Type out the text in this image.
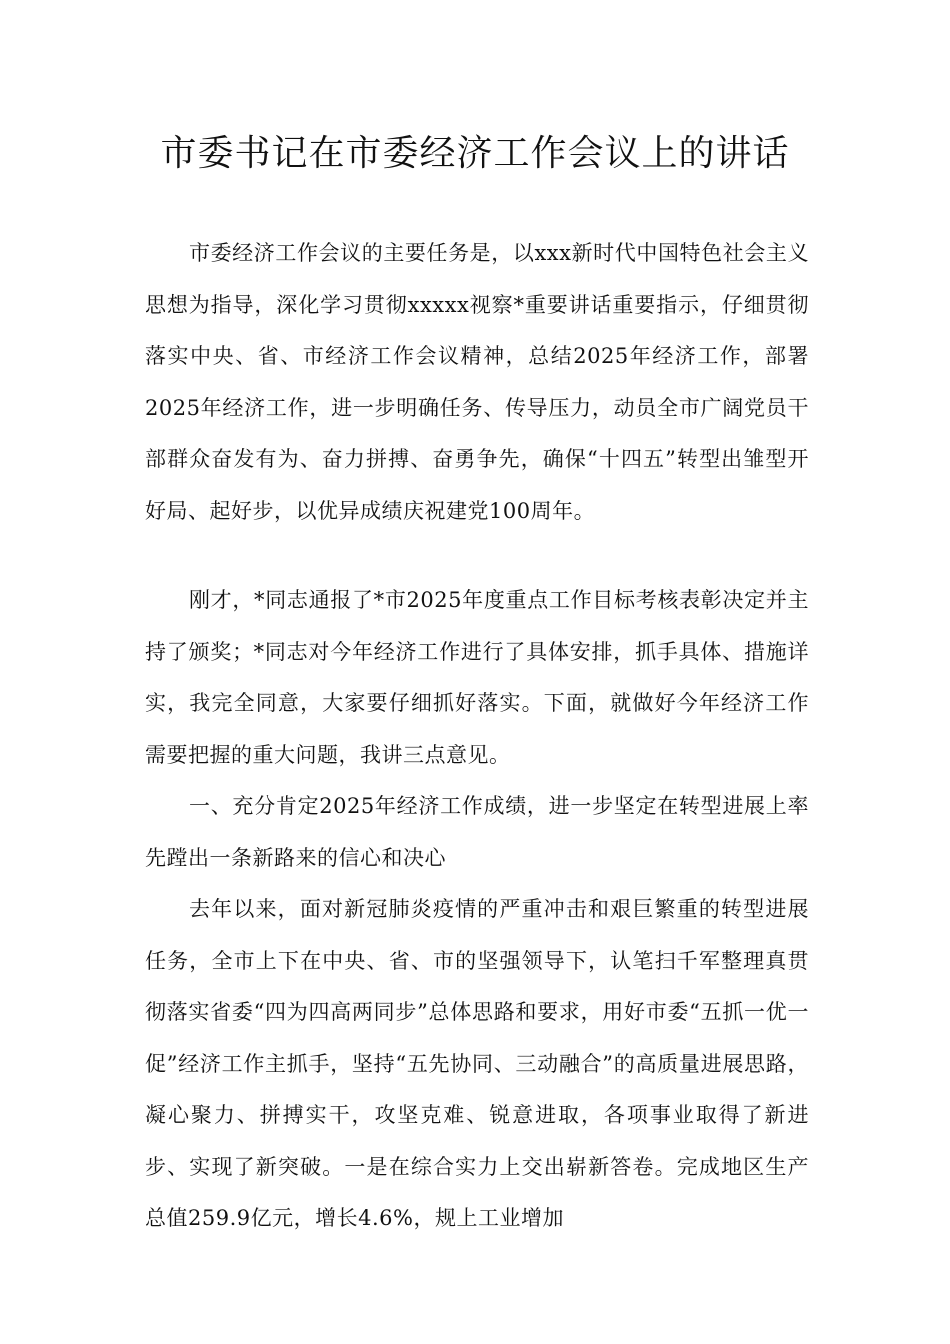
市委书记在市委经济工作会议上的讲话

市委经济工作会议的主要任务是，以xxx新时代中国特色社会主义思想为指导，深化学习贯彻xxxxx视察*重要讲话重要指示，仔细贯彻落实中央、省、市经济工作会议精神，总结2025年经济工作，部署2025年经济工作，进一步明确任务、传导压力，动员全市广阔党员干部群众奋发有为、奋力拼搏、奋勇争先，确保“十四五”转型出雏型开好局、起好步，以优异成绩庆祝建党100周年。

刚才，*同志通报了*市2025年度重点工作目标考核表彰决定并主持了颁奖；*同志对今年经济工作进行了具体安排，抓手具体、措施详实，我完全同意，大家要仔细抓好落实。下面，就做好今年经济工作需要把握的重大问题，我讲三点意见。

一、充分肯定2025年经济工作成绩，进一步坚定在转型进展上率先蹚出一条新路来的信心和决心

去年以来，面对新冠肺炎疫情的严重冲击和艰巨繁重的转型进展任务，全市上下在中央、省、市的坚强领导下，认笔扫千军整理真贯彻落实省委“四为四高两同步”总体思路和要求，用好市委“五抓一优一促”经济工作主抓手，坚持“五先协同、三动融合”的高质量进展思路，凝心聚力、拼搏实干，攻坚克难、锐意进取，各项事业取得了新进步、实现了新突破。一是在综合实力上交出崭新答卷。完成地区生产总值259.9亿元，增长4.6%，规上工业增加
